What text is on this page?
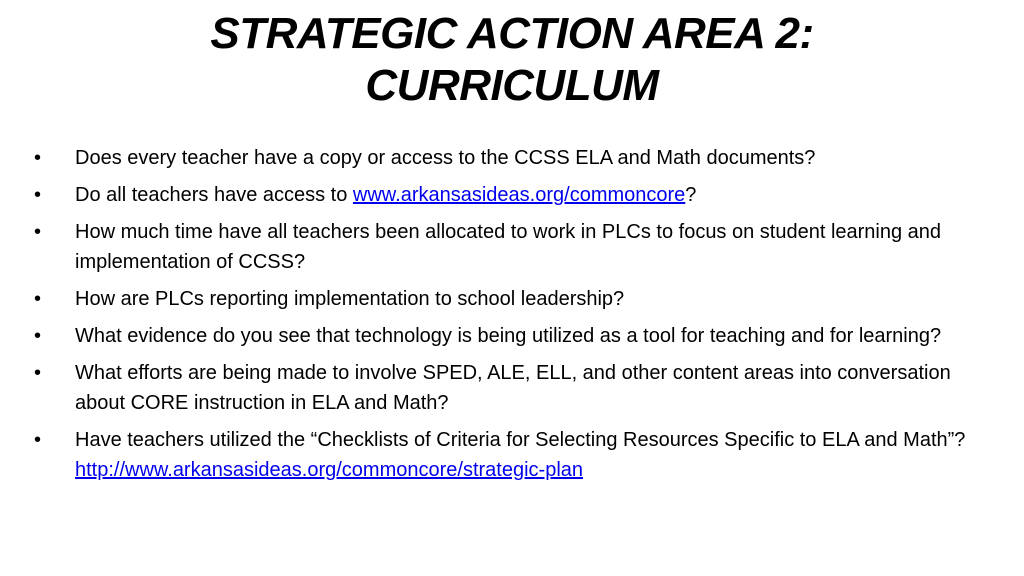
STRATEGIC ACTION AREA 2:
CURRICULUM
• Does every teacher have a copy or access to the CCSS ELA and Math documents?
• Do all teachers have access to www.arkansasideas.org/commoncore?
• How much time have all teachers been allocated to work in PLCs to focus on student learning and implementation of CCSS?
• How are PLCs reporting implementation to school leadership?
• What evidence do you see that technology is being utilized as a tool for teaching and for learning?
• What efforts are being made to involve SPED, ALE, ELL, and other content areas into conversation about CORE instruction in ELA and Math?
• Have teachers utilized the “Checklists of Criteria for Selecting Resources Specific to ELA and Math”?http://www.arkansasideas.org/commoncore/strategic-plan
